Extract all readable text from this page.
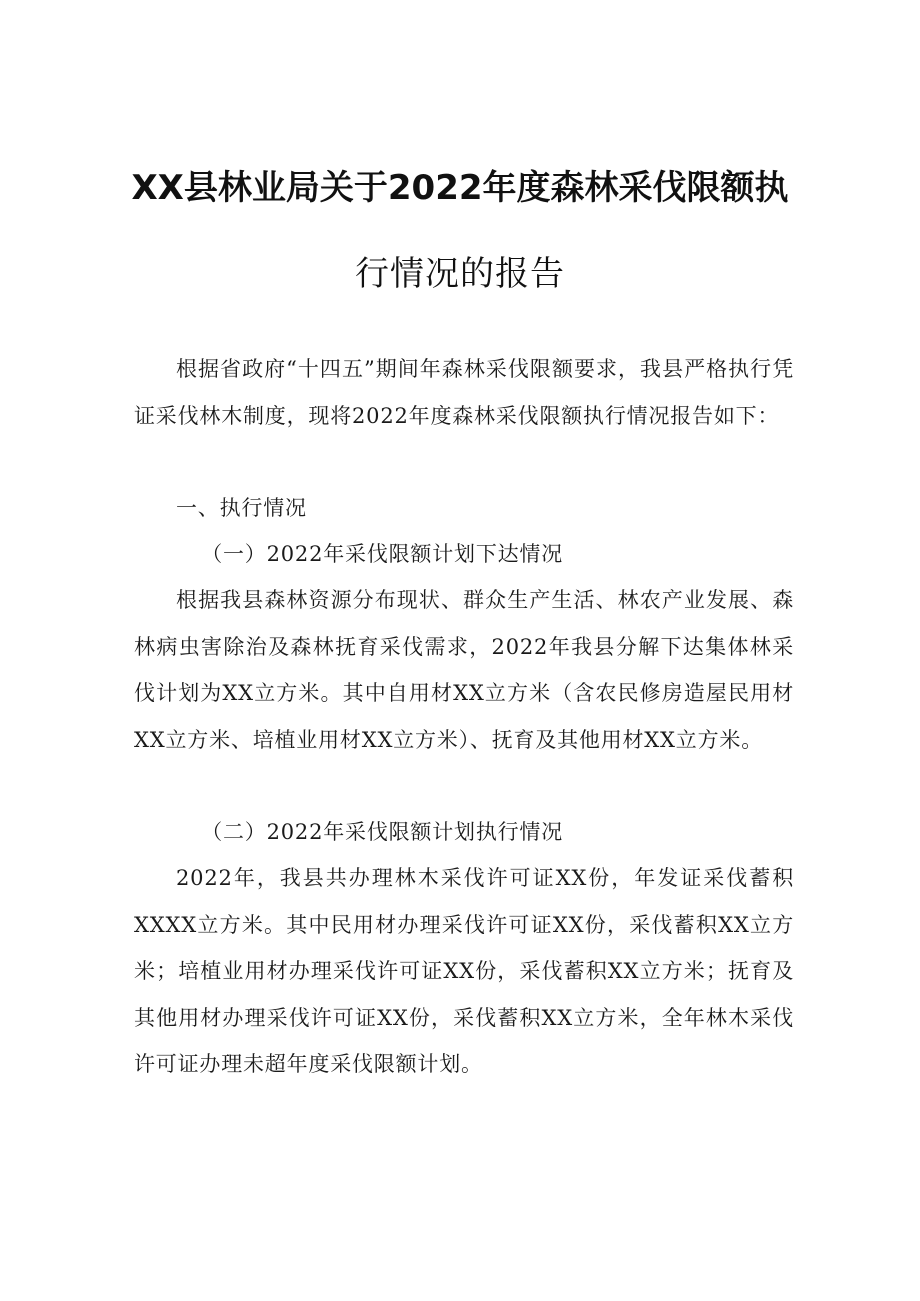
XX县林业局关于2022年度森林采伐限额执
行情况的报告

根据省政府“十四五”期间年森林采伐限额要求，我县严格执行凭证采伐林木制度，现将2022年度森林采伐限额执行情况报告如下：

一、执行情况

（一）2022年采伐限额计划下达情况

根据我县森林资源分布现状、群众生产生活、林农产业发展、森林病虫害除治及森林抚育采伐需求，2022年我县分解下达集体林采伐计划为XX立方米。其中自用材XX立方米（含农民修房造屋民用材XX立方米、培植业用材XX立方米）、抚育及其他用材XX立方米。

（二）2022年采伐限额计划执行情况

2022年，我县共办理林木采伐许可证XX份，年发证采伐蓄积XXXX立方米。其中民用材办理采伐许可证XX份，采伐蓄积XX立方米；培植业用材办理采伐许可证XX份，采伐蓄积XX立方米；抚育及其他用材办理采伐许可证XX份，采伐蓄积XX立方米，全年林木采伐许可证办理未超年度采伐限额计划。
